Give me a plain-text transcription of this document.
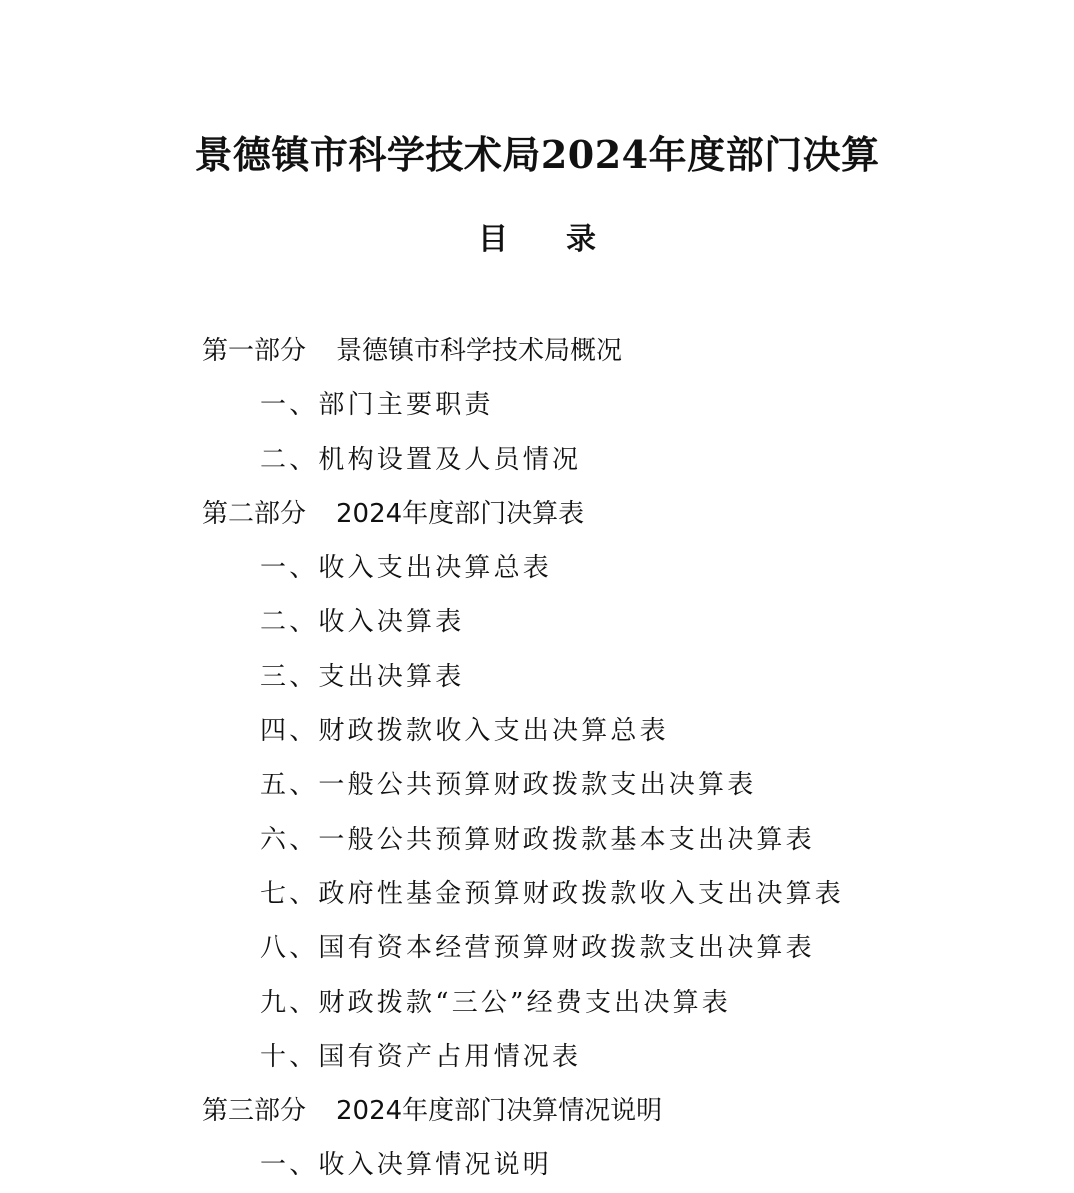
景德镇市科学技术局2024年度部门决算
目录
第一部分 景德镇市科学技术局概况
一、部门主要职责
二、机构设置及人员情况
第二部分 2024年度部门决算表
一、收入支出决算总表
二、收入决算表
三、支出决算表
四、财政拨款收入支出决算总表
五、一般公共预算财政拨款支出决算表
六、一般公共预算财政拨款基本支出决算表
七、政府性基金预算财政拨款收入支出决算表
八、国有资本经营预算财政拨款支出决算表
九、财政拨款“三公”经费支出决算表
十、国有资产占用情况表
第三部分 2024年度部门决算情况说明
一、收入决算情况说明
